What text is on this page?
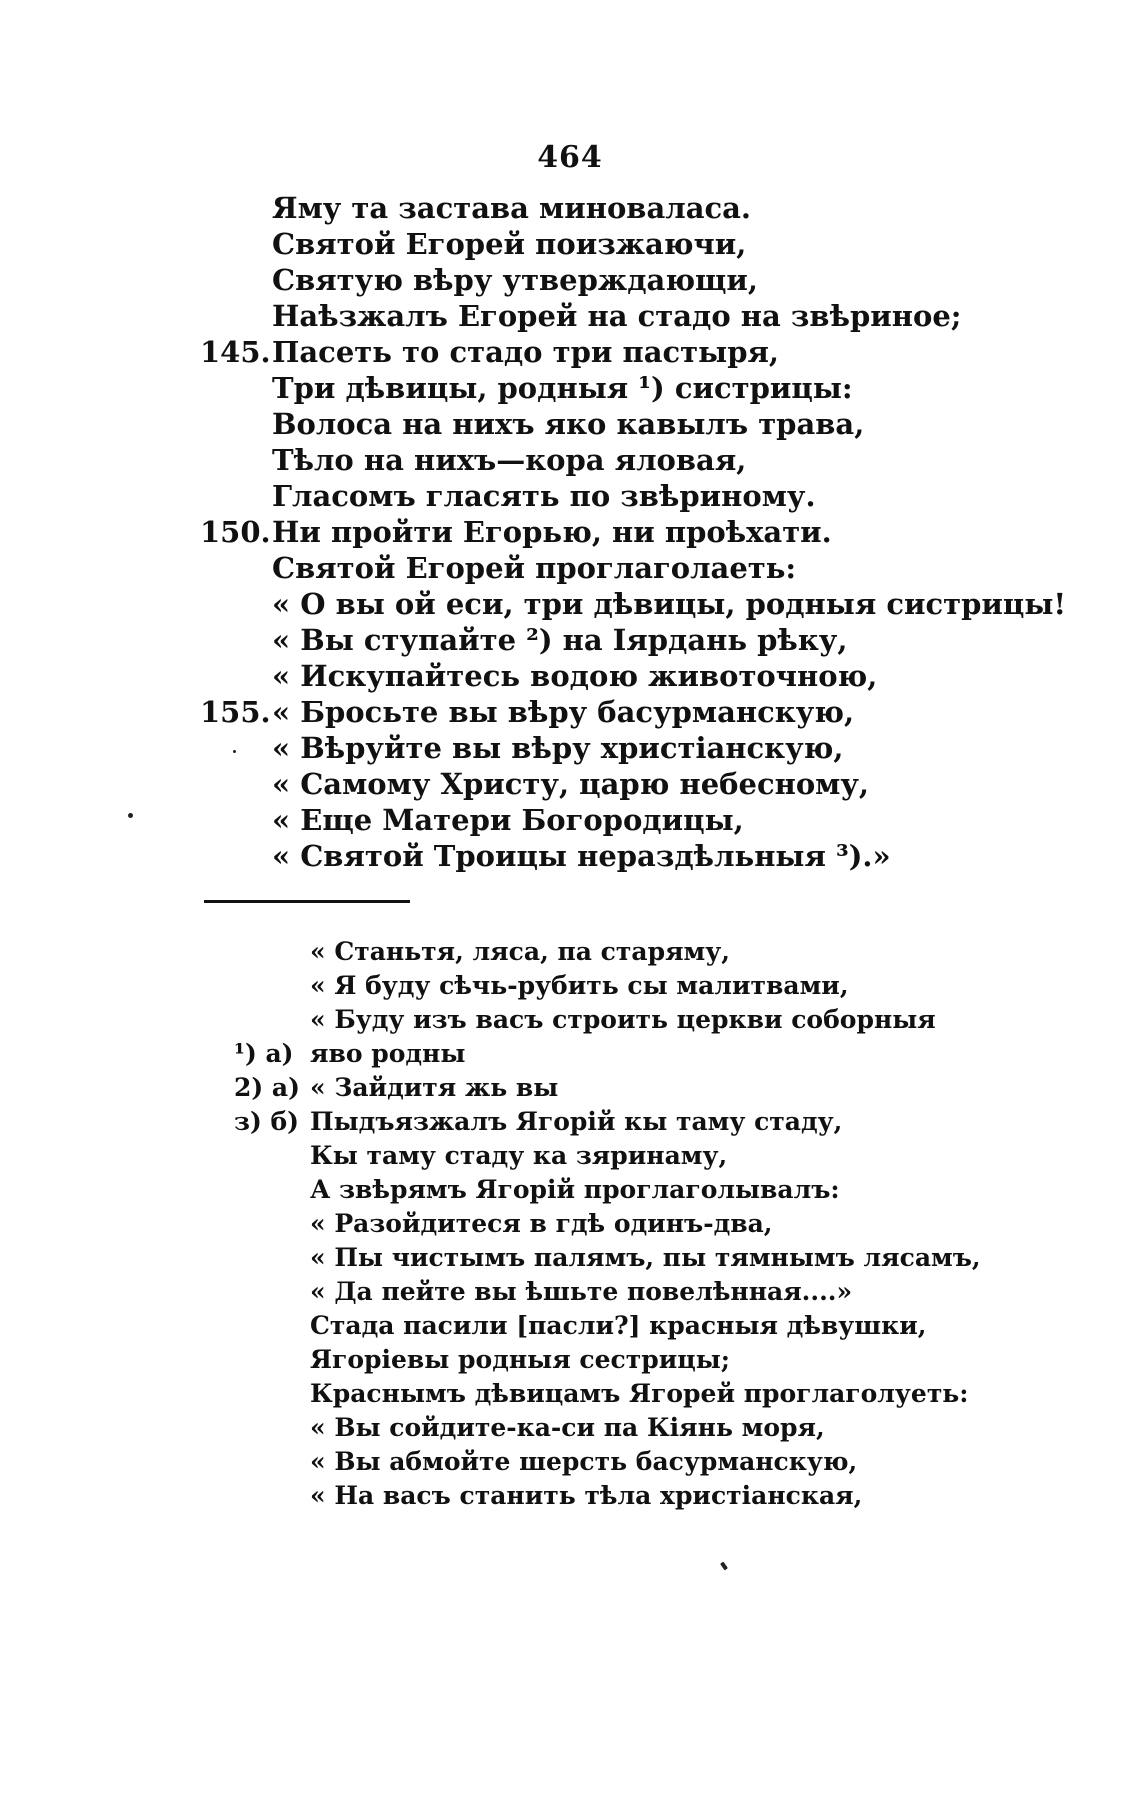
464
Яму та застава миноваласа.
Святой Егорей поизжаючи,
Святую вѣру утверждающи,
Наѣзжалъ Егорей на стадо на звѣриное;
145. Пасеть то стадо три пастыря,
Три дѣвицы, родныя ¹) систрицы:
Волоса на нихъ яко кавылъ трава,
Тѣло на нихъ—кора яловая,
Гласомъ гласять по звѣриному.
150. Ни пройти Егорью, ни проѣхати.
Святой Егорей проглаголаеть:
« О вы ой еси, три дѣвицы, родныя систрицы!
« Вы ступайте ²) на Іярдань рѣку,
« Искупайтесь водою животочною,
155. « Бросьте вы вѣру басурманскую,
« Вѣруйте вы вѣру христіанскую,
« Самому Христу, царю небесному,
« Еще Матери Богородицы,
« Святой Троицы нераздѣльныя ³).»
« Станьтя, ляса, па старяму,
« Я буду сѣчь-рубить сы малитвами,
« Буду изъ васъ строить церкви соборныя
¹) а) яво родны
2) а) « Зайдитя жь вы
з) б) Пыдъязжалъ Ягорій кы таму стаду,
Кы таму стаду ка зяринаму,
А звѣрямъ Ягорій проглаголывалъ:
« Разойдитеся в гдѣ одинъ-два,
« Пы чистымъ палямъ, пы тямнымъ лясамъ,
« Да пейте вы ѣшьте повелѣнная....»
Стада пасили [пасли?] красныя дѣвушки,
Ягоріевы родныя сестрицы;
Краснымъ дѣвицамъ Ягорей проглаголуеть:
« Вы сойдите-ка-си па Кіянь моря,
« Вы абмойте шерсть басурманскую,
« На васъ станить тѣла христіанская,
